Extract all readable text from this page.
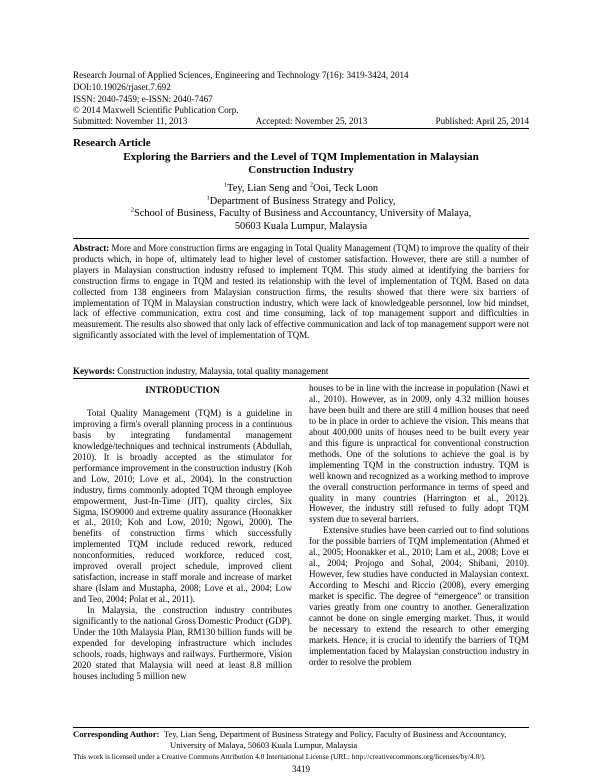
Research Journal of Applied Sciences, Engineering and Technology 7(16): 3419-3424, 2014
DOI:10.19026/rjaset.7.692
ISSN: 2040-7459; e-ISSN: 2040-7467
© 2014 Maxwell Scientific Publication Corp.
Submitted: November 11, 2013	Accepted: November 25, 2013	Published: April 25, 2014
Research Article
Exploring the Barriers and the Level of TQM Implementation in Malaysian
Construction Industry
$^1$Tey, Lian Seng and $^2$Ooi, Teck Loon
$^1$Department of Business Strategy and Policy,
$^2$School of Business, Faculty of Business and Accountancy, University of Malaya,
50603 Kuala Lumpur, Malaysia
Abstract: More and More construction firms are engaging in Total Quality Management (TQM) to improve the quality of their products which, in hope of, ultimately lead to higher level of customer satisfaction. However, there are still a number of players in Malaysian construction industry refused to implement TQM. This study aimed at identifying the barriers for construction firms to engage in TQM and tested its relationship with the level of implementation of TQM. Based on data collected from 138 engineers from Malaysian construction firms, the results showed that there were six barriers of implementation of TQM in Malaysian construction industry, which were lack of knowledgeable personnel, low bid mindset, lack of effective communication, extra cost and time consuming, lack of top management support and difficulties in measurement. The results also showed that only lack of effective communication and lack of top management support were not significantly associated with the level of implementation of TQM.
Keywords: Construction industry, Malaysia, total quality management

INTRODUCTION

Total Quality Management (TQM) is a guideline in improving a firm's overall planning process in a continuous basis by integrating fundamental management knowledge/techniques and technical instruments (Abdullah, 2010). It is broadly accepted as the stimulator for performance improvement in the construction industry (Koh and Low, 2010; Love et al., 2004). In the construction industry, firms commonly adopted TQM through employee empowerment, Just-In-Time (JIT), quality circles, Six Sigma, ISO9000 and extreme quality assurance (Hoonakker et al., 2010; Koh and Low, 2010; Ngowi, 2000). The benefits of construction firms which successfully implemented TQM include reduced rework, reduced nonconformities, reduced workforce, reduced cost, improved overall project schedule, improved client satisfaction, increase in staff morale and increase of market share (Islam and Mustapha, 2008; Love et al., 2004; Low and Teo, 2004; Polat et al., 2011).

In Malaysia, the construction industry contributes significantly to the national Gross Domestic Product (GDP). Under the 10th Malaysia Plan, RM130 billion funds will be expended for developing infrastructure which includes schools, roads, highways and railways. Furthermore, Vision 2020 stated that Malaysia will need at least 8.8 million houses including 5 million new

houses to be in line with the increase in population (Nawi et al., 2010). However, as in 2009, only 4.32 million houses have been built and there are still 4 million houses that need to be in place in order to achieve the vision. This means that about 400,000 units of houses need to be built every year and this figure is unpractical for conventional construction methods. One of the solutions to achieve the goal is by implementing TQM in the construction industry. TQM is well known and recognized as a working method to improve the overall construction performance in terms of speed and quality in many countries (Harrington et al., 2012). However, the industry still refused to fully adopt TQM system due to several barriers.

Extensive studies have been carried out to find solutions for the possible barriers of TQM implementation (Ahmed et al., 2005; Hoonakker et al., 2010; Lam et al., 2008; Love et al., 2004; Projogo and Sohal, 2004; Shibani, 2010). However, few studies have conducted in Malaysian context. According to Meschi and Riccio (2008), every emerging market is specific. The degree of “emergence” or transition varies greatly from one country to another. Generalization cannot be done on single emerging market. Thus, it would be necessary to extend the research to other emerging markets. Hence, it is crucial to identify the barriers of TQM implementation faced by Malaysian construction industry in order to resolve the problem

Corresponding Author: Tey, Lian Seng, Department of Business Strategy and Policy, Faculty of Business and Accountancy,
University of Malaya, 50603 Kuala Lumpur, Malaysia
This work is licensed under a Creative Commons Attribution 4.0 International License (URL: http://creativecommons.org/licenses/by/4.0/).
3419
